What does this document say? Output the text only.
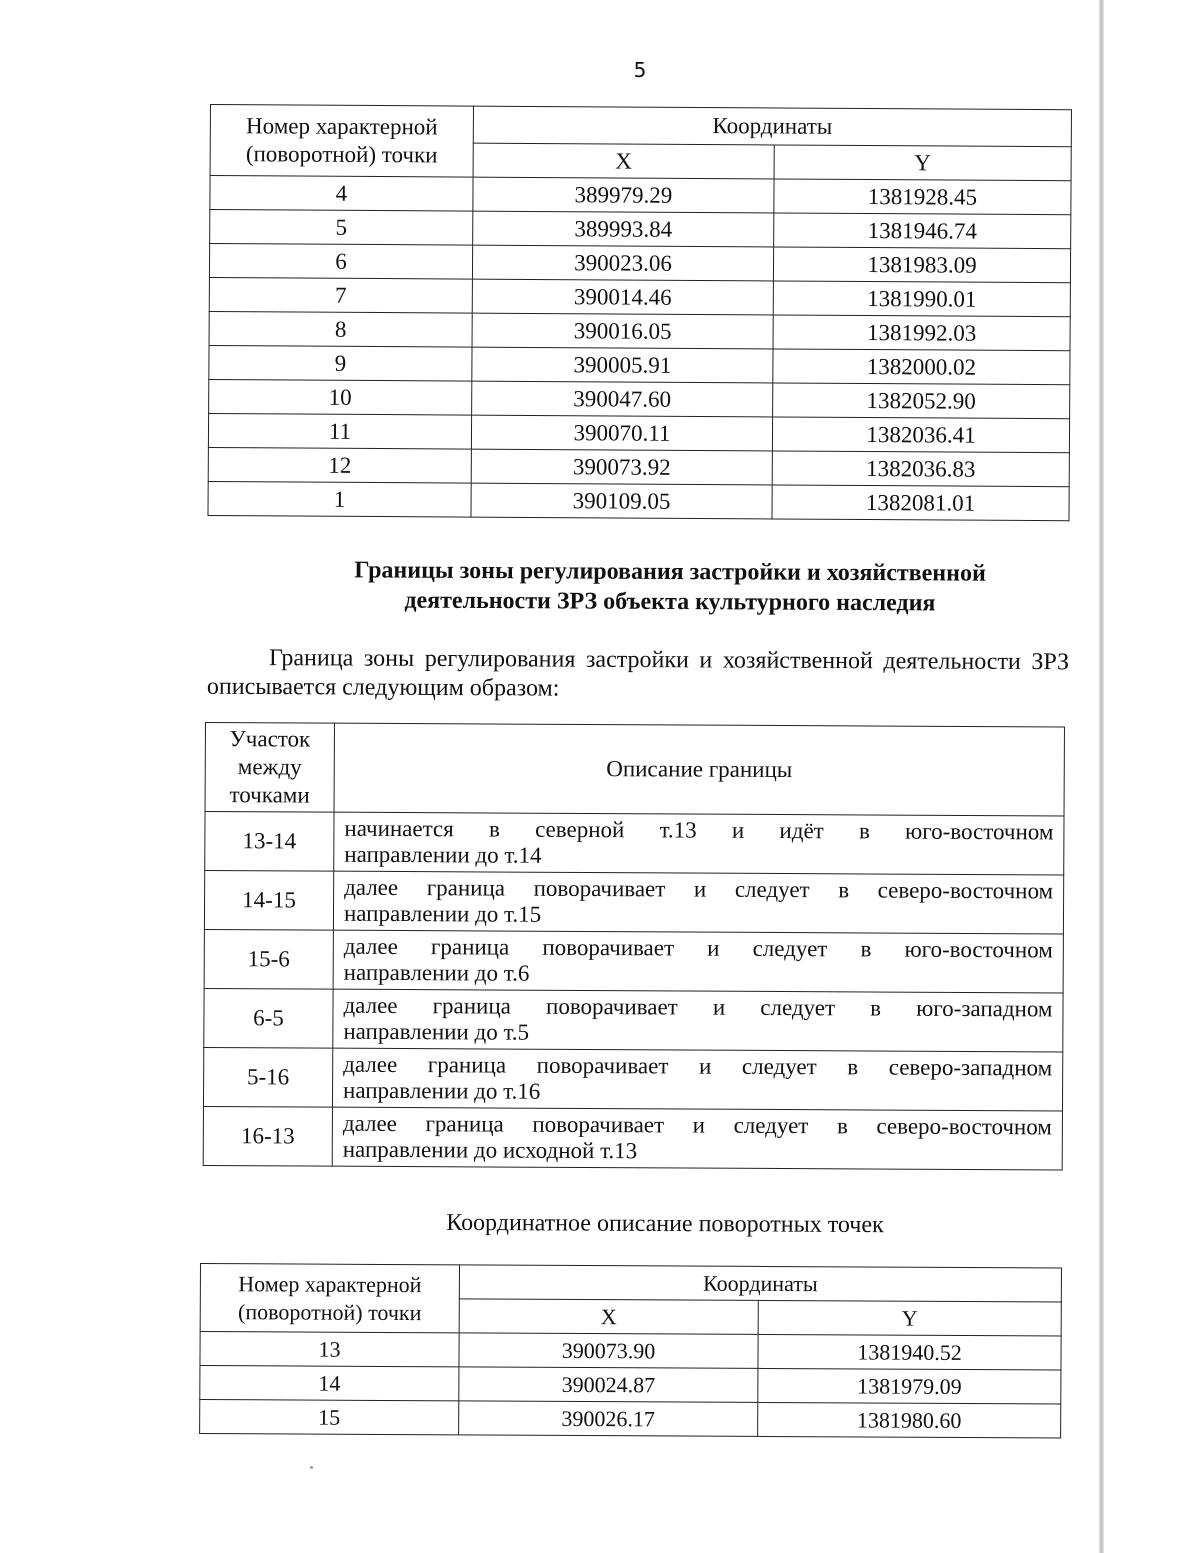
5
Номер характерной (поворотной) точки	Координаты	
	X	Y
4	389979.29	1381928.45
5	389993.84	1381946.74
6	390023.06	1381983.09
7	390014.46	1381990.01
8	390016.05	1381992.03
9	390005.91	1382000.02
10	390047.60	1382052.90
11	390070.11	1382036.41
12	390073.92	1382036.83
1	390109.05	1382081.01
Границы зоны регулирования застройки и хозяйственной
деятельности ЗРЗ объекта культурного наследия
Граница зоны регулирования застройки и хозяйственной деятельности ЗРЗ описывается следующим образом:
Участок между точками	Описание границы
13-14	начинается в северной т.13 и идёт в юго-восточном
направлении до т.14

14-15	далее граница поворачивает и следует в северо-восточном
направлении до т.15

15-6	далее граница поворачивает и следует в юго-восточном
направлении до т.6

6-5	далее граница поворачивает и следует в юго-западном
направлении до т.5

5-16	далее граница поворачивает и следует в северо-западном
направлении до т.16

16-13	далее граница поворачивает и следует в северо-восточном
направлении до исходной т.13
Координатное описание поворотных точек
Номер характерной (поворотной) точки	Координаты	
	X	Y
13	390073.90	1381940.52
14	390024.87	1381979.09
15	390026.17	1381980.60
